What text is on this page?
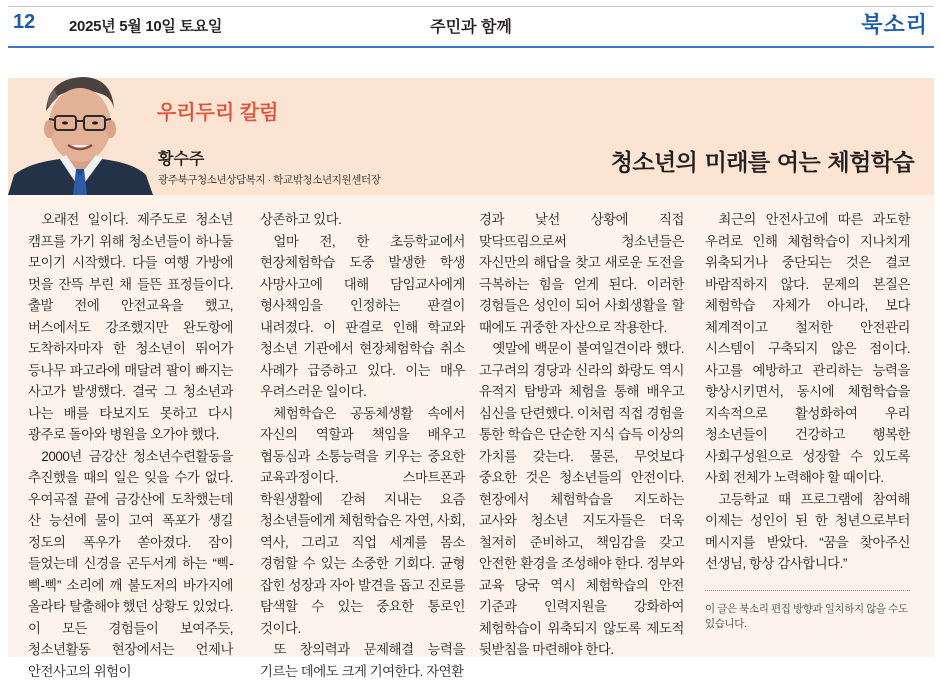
12 2025년 5월 10일 토요일	주민과 함께	북소리
우리두리 칼럼
황수주
광주북구청소년상담복지 · 학교밖청소년지원센터장
청소년의 미래를 여는 체험학습

오래전 일이다. 제주도로 청소년 캠프를 가기 위해 청소년들이 하나둘 모이기 시작했다. 다들 여행 가방에 멋을 잔뜩 부린 채 들뜬 표정들이다. 출발 전에 안전교육을 했고, 버스에서도 강조했지만 완도항에 도착하자마자 한 청소년이 뛰어가 등나무 파고라에 매달려 팔이 빠지는 사고가 발생했다. 결국 그 청소년과 나는 배를 타보지도 못하고 다시 광주로 돌아와 병원을 오가야 했다.

2000년 금강산 청소년수련활동을 추진했을 때의 일은 잊을 수가 없다. 우여곡절 끝에 금강산에 도착했는데 산 능선에 물이 고여 폭포가 생길 정도의 폭우가 쏟아졌다. 잠이 들었는데 신경을 곤두서게 하는 “삑-삑-삑” 소리에 깨 불도저의 바가지에 올라타 탈출해야 했던 상황도 있었다. 이 모든 경험들이 보여주듯, 청소년활동 현장에서는 언제나 안전사고의 위험이

상존하고 있다.

얼마 전, 한 초등학교에서 현장체험학습 도중 발생한 학생 사망사고에 대해 담임교사에게 형사책임을 인정하는 판결이 내려졌다. 이 판결로 인해 학교와 청소년 기관에서 현장체험학습 취소 사례가 급증하고 있다. 이는 매우 우려스러운 일이다.

체험학습은 공동체생활 속에서 자신의 역할과 책임을 배우고 협동심과 소통능력을 키우는 중요한 교육과정이다. 스마트폰과 학원생활에 갇혀 지내는 요즘 청소년들에게 체험학습은 자연, 사회, 역사, 그리고 직업 세계를 몸소 경험할 수 있는 소중한 기회다. 균형 잡힌 성장과 자아 발견을 돕고 진로를 탐색할 수 있는 중요한 통로인 것이다.

또 창의력과 문제해결 능력을 기르는 데에도 크게 기여한다. 자연환

경과 낯선 상황에 직접 맞닥뜨림으로써 청소년들은 자신만의 해답을 찾고 새로운 도전을 극복하는 힘을 얻게 된다. 이러한 경험들은 성인이 되어 사회생활을 할 때에도 귀중한 자산으로 작용한다.

옛말에 백문이 불여일견이라 했다. 고구려의 경당과 신라의 화랑도 역시 유적지 탐방과 체험을 통해 배우고 심신을 단련했다. 이처럼 직접 경험을 통한 학습은 단순한 지식 습득 이상의 가치를 갖는다. 물론, 무엇보다 중요한 것은 청소년들의 안전이다. 현장에서 체험학습을 지도하는 교사와 청소년 지도자들은 더욱 철저히 준비하고, 책임감을 갖고 안전한 환경을 조성해야 한다. 정부와 교육 당국 역시 체험학습의 안전 기준과 인력지원을 강화하여 체험학습이 위축되지 않도록 제도적 뒷받침을 마련해야 한다.

최근의 안전사고에 따른 과도한 우려로 인해 체험학습이 지나치게 위축되거나 중단되는 것은 결코 바람직하지 않다. 문제의 본질은 체험학습 자체가 아니라, 보다 체계적이고 철저한 안전관리 시스템이 구축되지 않은 점이다. 사고를 예방하고 관리하는 능력을 향상시키면서, 동시에 체험학습을 지속적으로 활성화하여 우리 청소년들이 건강하고 행복한 사회구성원으로 성장할 수 있도록 사회 전체가 노력해야 할 때이다.

고등학교 때 프로그램에 참여해 이제는 성인이 된 한 청년으로부터 메시지를 받았다. “꿈을 찾아주신 선생님, 항상 감사합니다.”

이 글은 북소리 편집 방향과 일치하지 않을 수도 있습니다.
